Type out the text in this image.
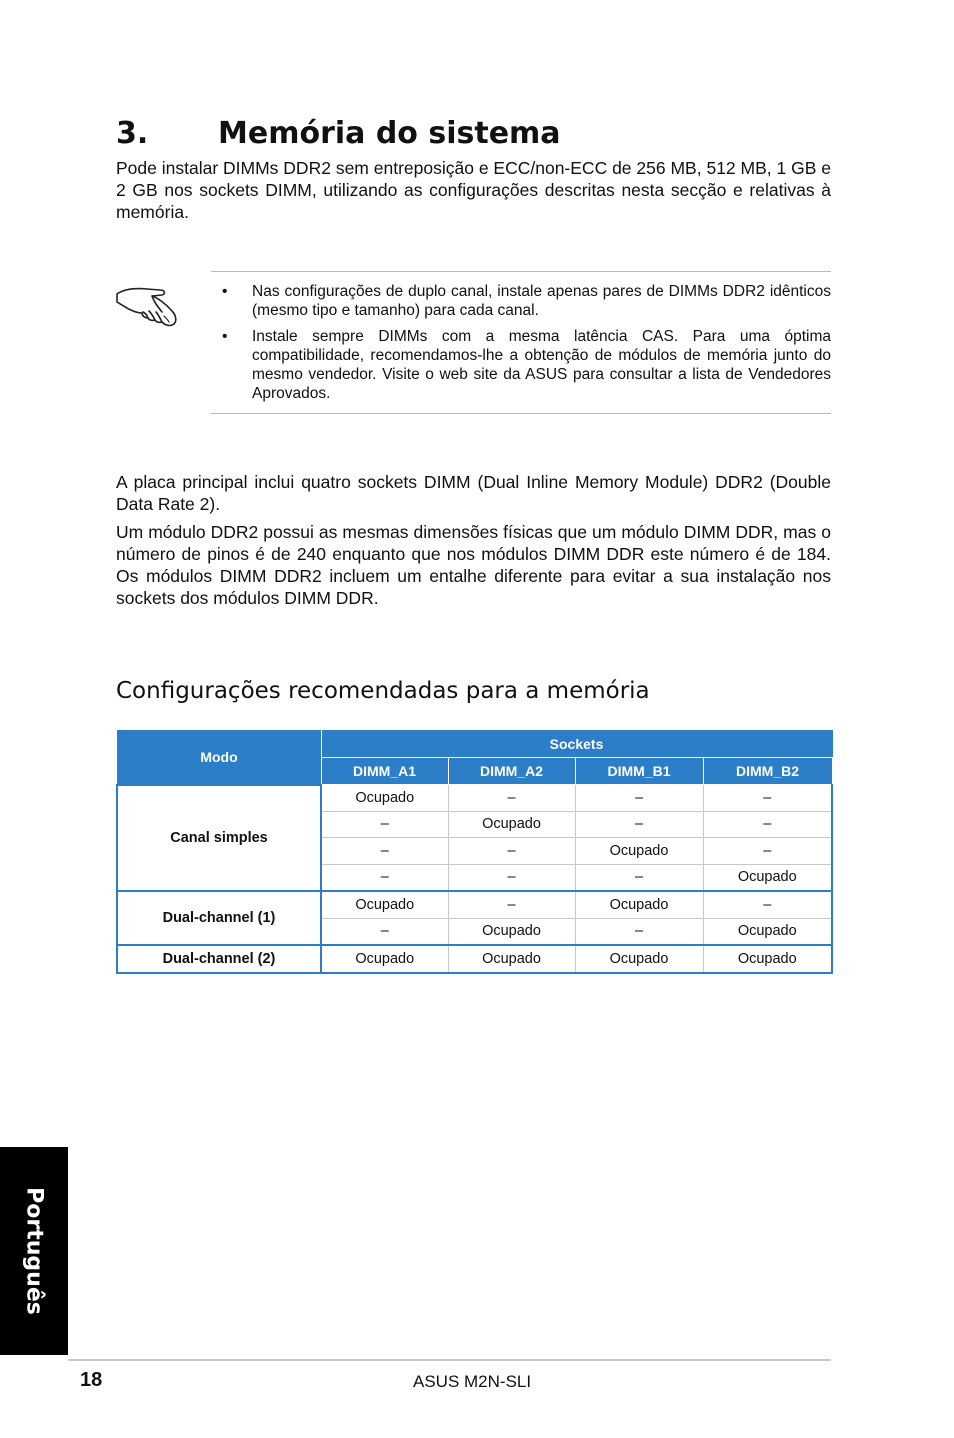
3. Memória do sistema

Pode instalar DIMMs DDR2 sem entreposição e ECC/non-ECC de 256 MB, 512 MB, 1 GB e 2 GB nos sockets DIMM, utilizando as configurações descritas nesta secção e relativas à memória.

• Nas configurações de duplo canal, instale apenas pares de DIMMs DDR2 idênticos (mesmo tipo e tamanho) para cada canal.
• Instale sempre DIMMs com a mesma latência CAS. Para uma óptima compatibilidade, recomendamos-lhe a obtenção de módulos de memória junto do mesmo vendedor. Visite o web site da ASUS para consultar a lista de Vendedores Aprovados.

A placa principal inclui quatro sockets DIMM (Dual Inline Memory Module) DDR2 (Double Data Rate 2).

Um módulo DDR2 possui as mesmas dimensões físicas que um módulo DIMM DDR, mas o número de pinos é de 240 enquanto que nos módulos DIMM DDR este número é de 184. Os módulos DIMM DDR2 incluem um entalhe diferente para evitar a sua instalação nos sockets dos módulos DIMM DDR.

Configurações recomendadas para a memória
Modo	Sockets			
	DIMM_A1	DIMM_A2	DIMM_B1	DIMM_B2
Canal simples	Ocupado	–	–	–
	–	Ocupado	–	–
	–	–	Ocupado	–
	–	–	–	Ocupado
Dual-channel (1)	Ocupado	–	Ocupado	–
	–	Ocupado	–	Ocupado
Dual-channel (2)	Ocupado	Ocupado	Ocupado	Ocupado
Português
18	ASUS M2N-SLI
